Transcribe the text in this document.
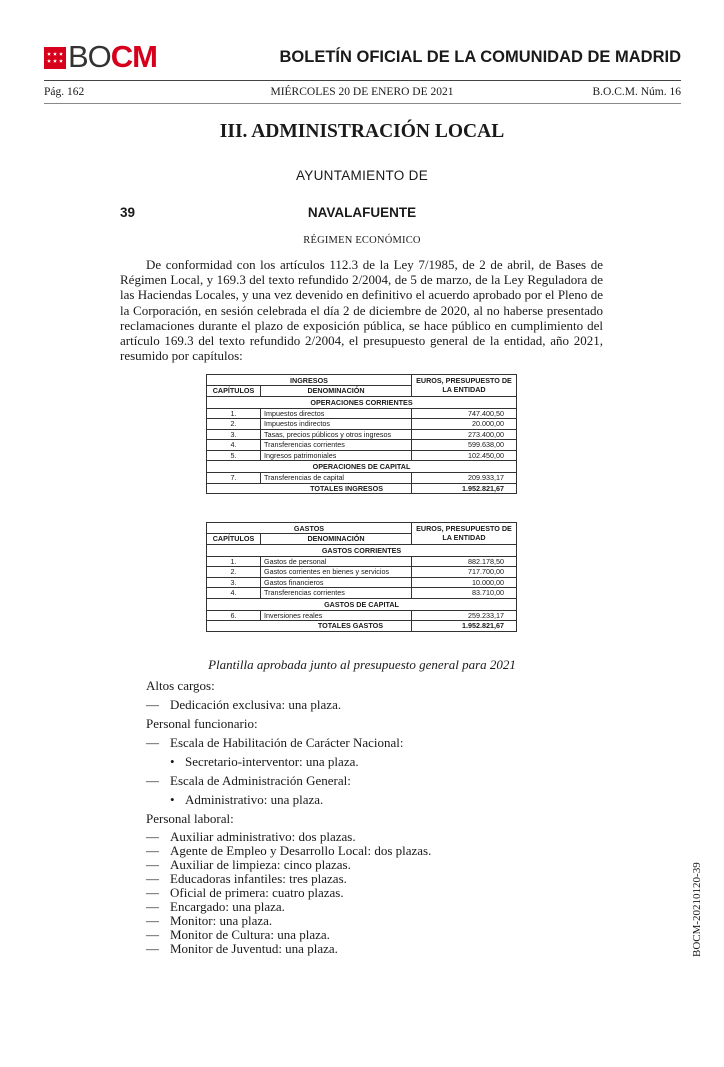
BOCM	BOLETÍN OFICIAL DE LA COMUNIDAD DE MADRID
Pág. 162	MIÉRCOLES 20 DE ENERO DE 2021	B.O.C.M. Núm. 16
III. ADMINISTRACIÓN LOCAL
AYUNTAMIENTO DE
39	NAVALAFUENTE
RÉGIMEN ECONÓMICO
De conformidad con los artículos 112.3 de la Ley 7/1985, de 2 de abril, de Bases de Régimen Local, y 169.3 del texto refundido 2/2004, de 5 de marzo, de la Ley Reguladora de las Haciendas Locales, y una vez devenido en definitivo el acuerdo aprobado por el Pleno de la Corporación, en sesión celebrada el día 2 de diciembre de 2020, al no haberse presentado reclamaciones durante el plazo de exposición pública, se hace público en cumplimiento del artículo 169.3 del texto refundido 2/2004, el presupuesto general de la entidad, año 2021, resumido por capítulos:
INGRESOS		EUROS, PRESUPUESTO DE LA ENTIDAD
CAPÍTULOS	DENOMINACIÓN	
OPERACIONES CORRIENTES		
1.	Impuestos directos	747.400,50
2.	Impuestos indirectos	20.000,00
3.	Tasas, precios públicos y otros ingresos	273.400,00
4.	Transferencias corrientes	599.638,00
5.	Ingresos patrimoniales	102.450,00
OPERACIONES DE CAPITAL		
7.	Transferencias de capital	209.933,17
TOTALES INGRESOS		1.952.821,67
GASTOS		EUROS, PRESUPUESTO DE LA ENTIDAD
CAPÍTULOS	DENOMINACIÓN	
GASTOS CORRIENTES		
1.	Gastos de personal	882.178,50
2.	Gastos corrientes en bienes y servicios	717.700,00
3.	Gastos financieros	10.000,00
4.	Transferencias corrientes	83.710,00
GASTOS DE CAPITAL		
6.	Inversiones reales	259.233,17
TOTALES GASTOS		1.952.821,67
Plantilla aprobada junto al presupuesto general para 2021
Altos cargos:
— Dedicación exclusiva: una plaza.
Personal funcionario:
— Escala de Habilitación de Carácter Nacional:
• Secretario-interventor: una plaza.
— Escala de Administración General:
• Administrativo: una plaza.
Personal laboral:
— Auxiliar administrativo: dos plazas.
— Agente de Empleo y Desarrollo Local: dos plazas.
— Auxiliar de limpieza: cinco plazas.
— Educadoras infantiles: tres plazas.
— Oficial de primera: cuatro plazas.
— Encargado: una plaza.
— Monitor: una plaza.
— Monitor de Cultura: una plaza.
— Monitor de Juventud: una plaza.	BOCM-20210120-39
